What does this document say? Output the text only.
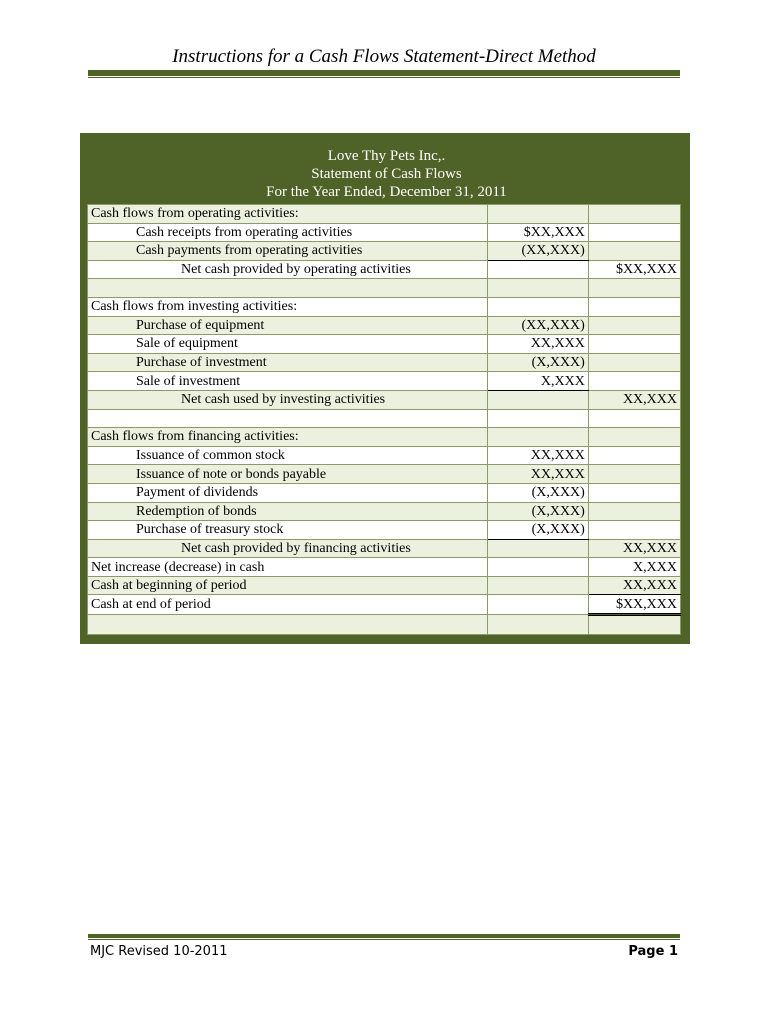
Instructions for a Cash Flows Statement-Direct Method
Love Thy Pets Inc,.
Statement of Cash Flows
For the Year Ended, December 31, 2011
Cash flows from operating activities:		
Cash receipts from operating activities	$XX,XXX	
Cash payments from operating activities	(XX,XXX)	
Net cash provided by operating activities		$XX,XXX

Cash flows from investing activities:		
Purchase of equipment	(XX,XXX)	
Sale of equipment	XX,XXX	
Purchase of investment	(X,XXX)	
Sale of investment	X,XXX	
Net cash used by investing activities		XX,XXX

Cash flows from financing activities:		
Issuance of common stock	XX,XXX	
Issuance of note or bonds payable	XX,XXX	
Payment of dividends	(X,XXX)	
Redemption of bonds	(X,XXX)	
Purchase of treasury stock	(X,XXX)	
Net cash provided by financing activities		XX,XXX
Net increase (decrease) in cash		X,XXX
Cash at beginning of period		XX,XXX
Cash at end of period		$XX,XXX

MJC Revised 10-2011	Page 1
